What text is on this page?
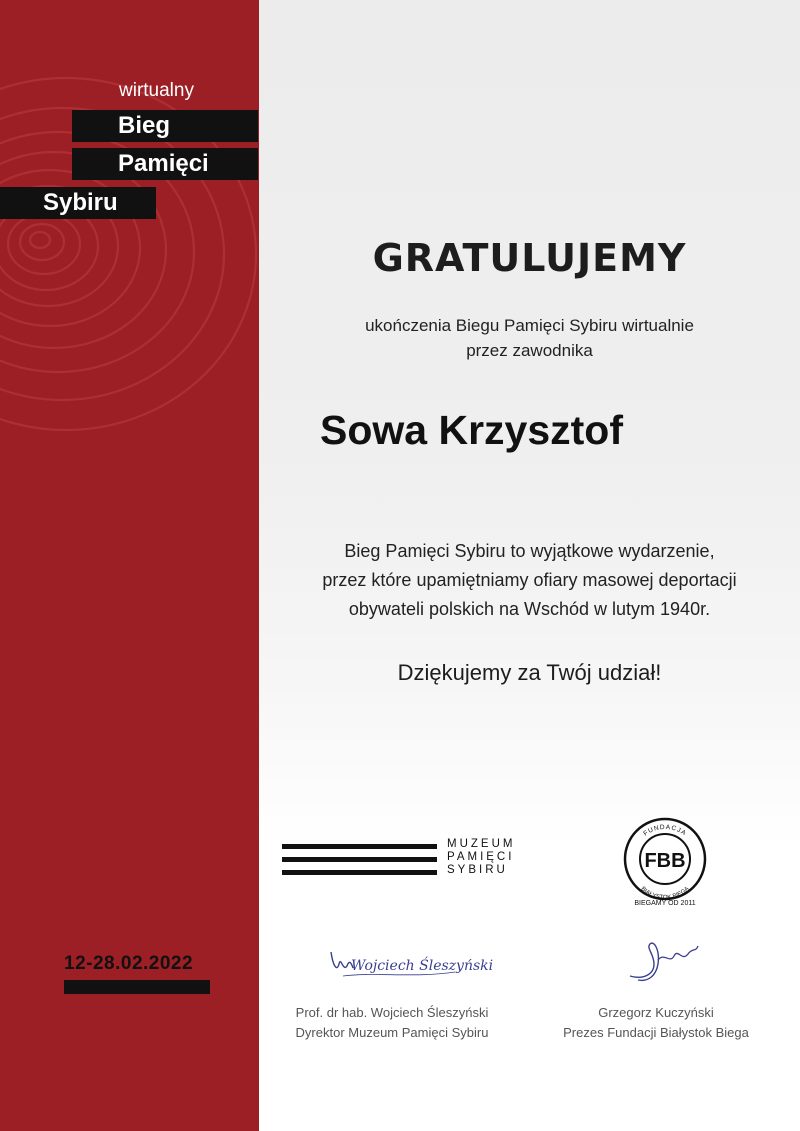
wirtualny
Bieg
Pamięci
Sybiru
12-28.02.2022
GRATULUJEMY
ukończenia Biegu Pamięci Sybiru wirtualnie
przez zawodnika
Sowa Krzysztof
Bieg Pamięci Sybiru to wyjątkowe wydarzenie,
przez które upamiętniamy ofiary masowej deportacji
obywateli polskich na Wschód w lutym 1940r.
Dziękujemy za Twój udział!
MUZEUM
PAMIĘCI
SYBIRU	FBB
FUNDACJA
BIAŁYSTOK BIEGA
BIEGAMY OD 2011
Wojciech Śleszyński
Prof. dr hab. Wojciech Śleszyński
Dyrektor Muzeum Pamięci Sybiru
Grzegorz Kuczyński
Prezes Fundacji Białystok Biega
